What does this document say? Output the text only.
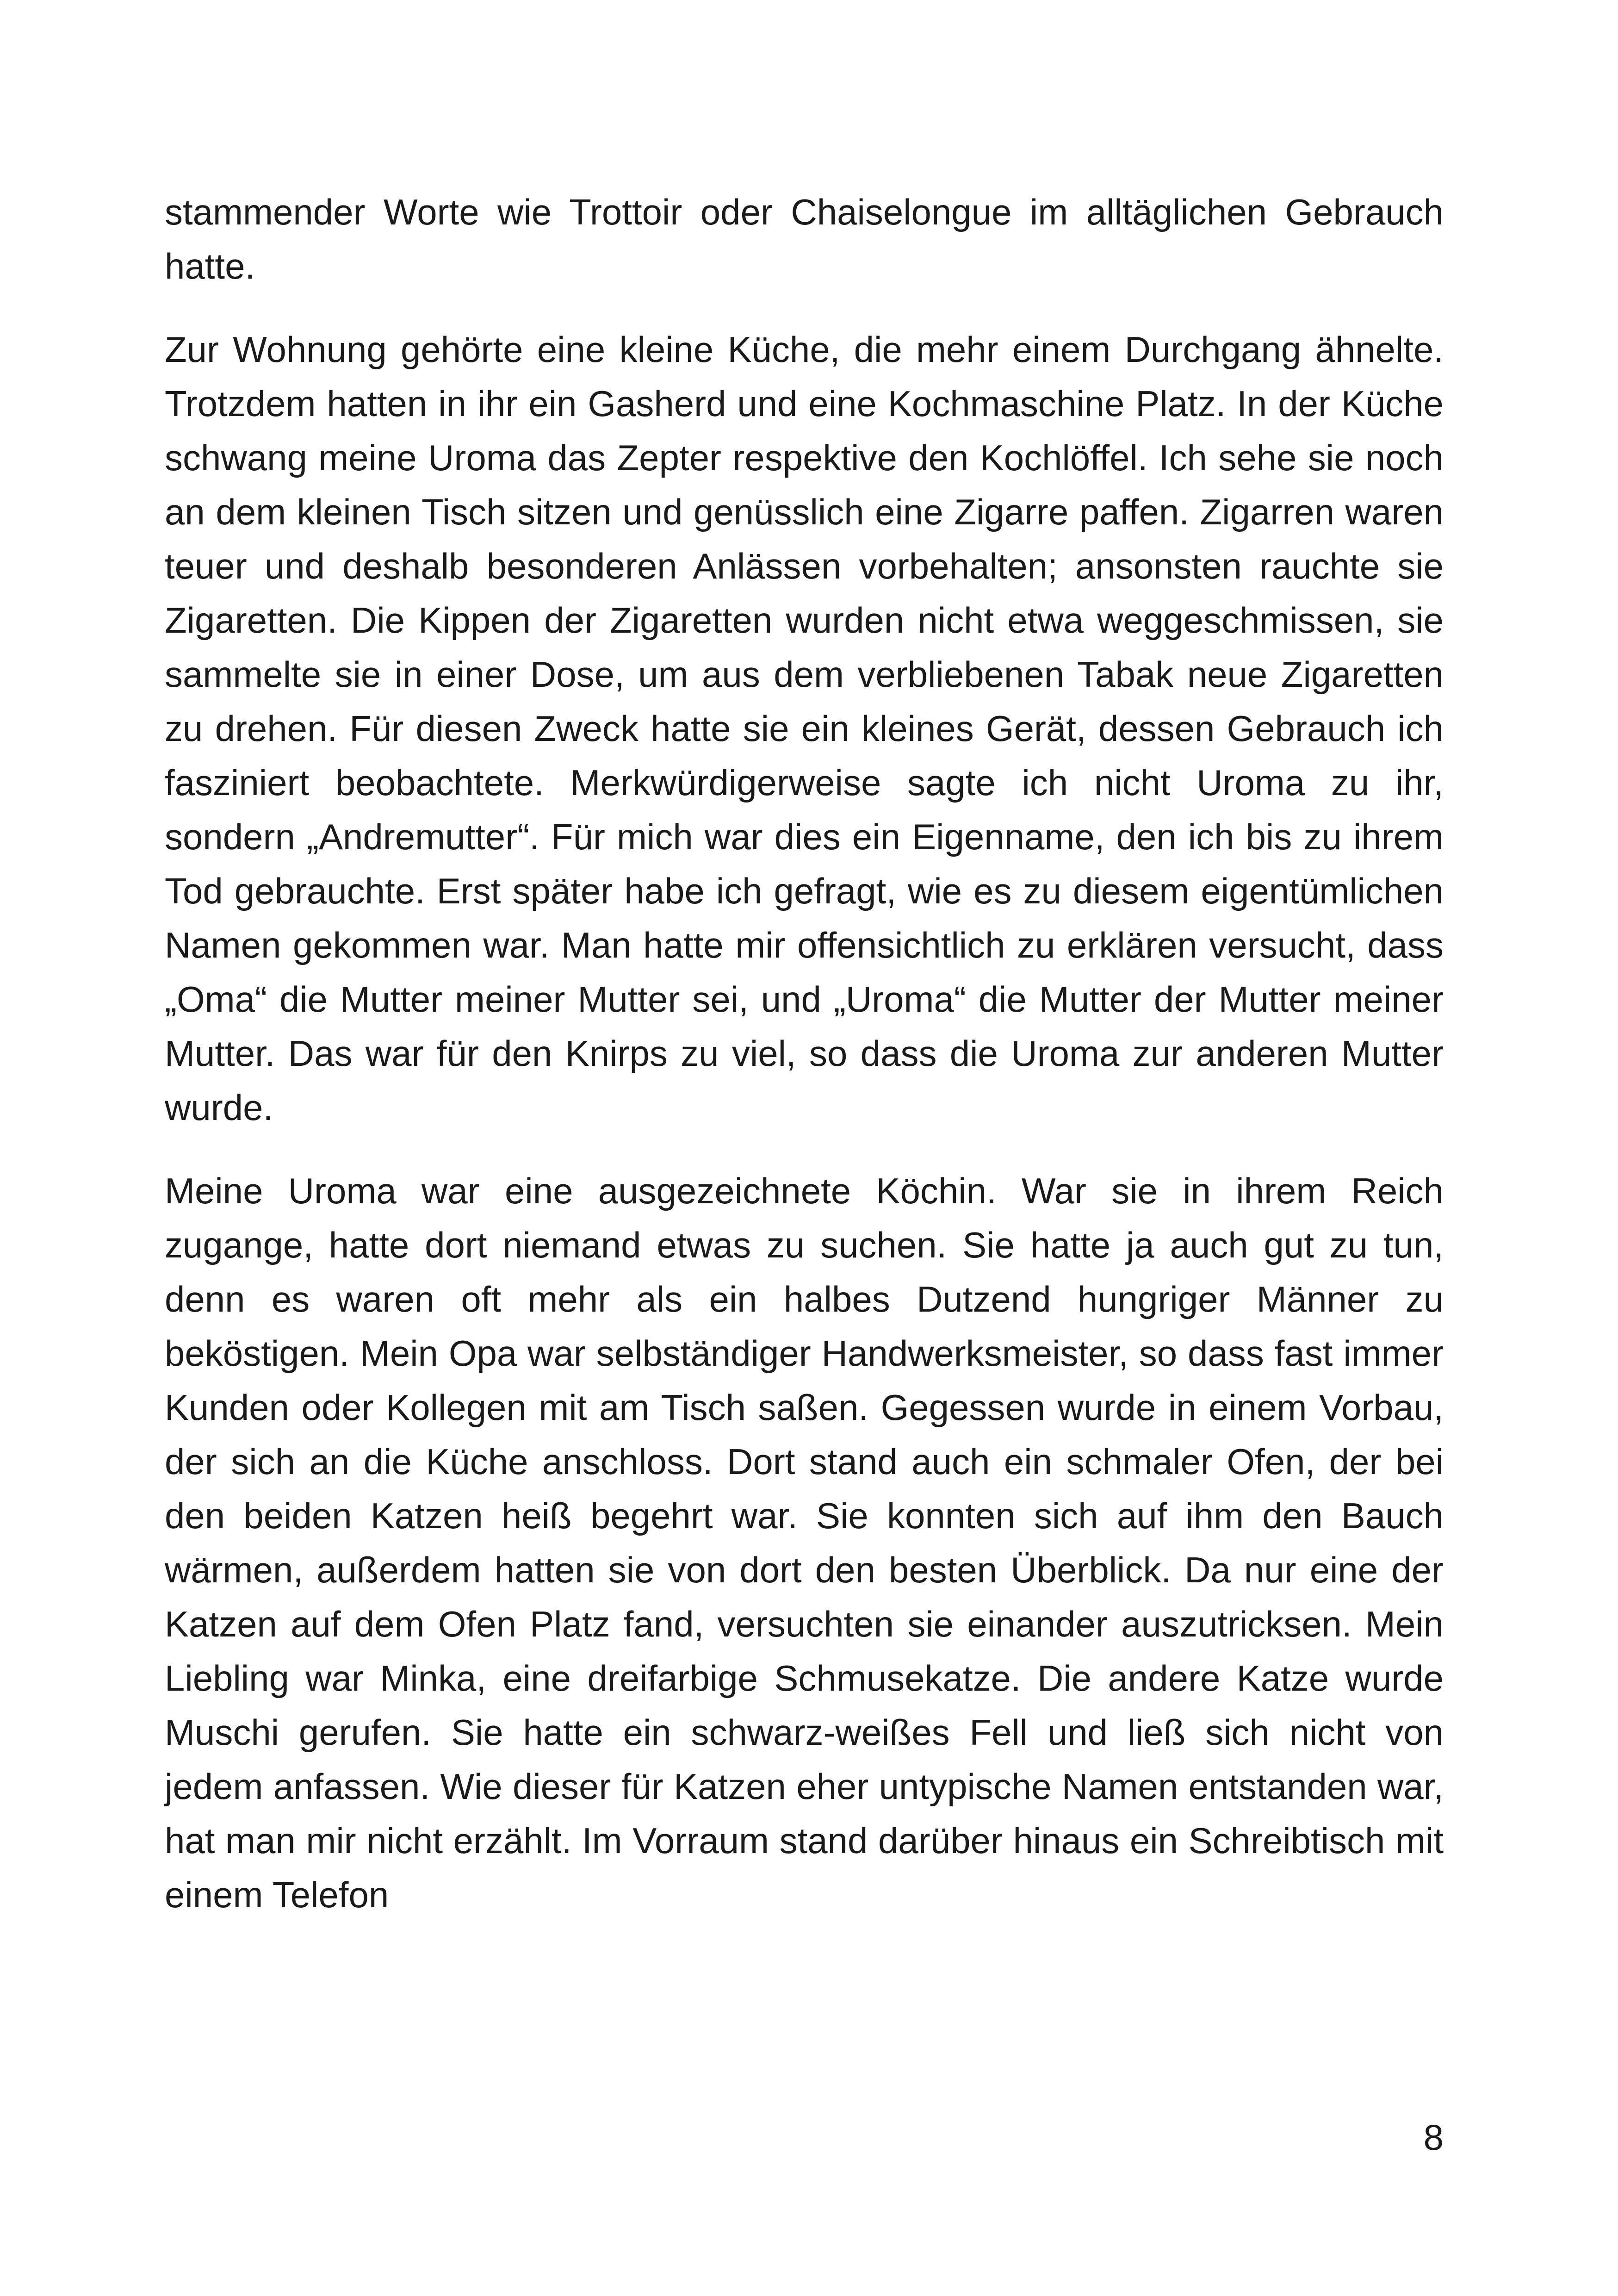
stammender Worte wie Trottoir oder Chaiselongue im alltäglichen Gebrauch hatte.

Zur Wohnung gehörte eine kleine Küche, die mehr einem Durchgang ähnelte. Trotzdem hatten in ihr ein Gasherd und eine Kochmaschine Platz. In der Küche schwang meine Uroma das Zepter respektive den Kochlöffel. Ich sehe sie noch an dem kleinen Tisch sitzen und genüsslich eine Zigarre paffen. Zigarren waren teuer und deshalb besonderen Anlässen vorbehalten; ansonsten rauchte sie Zigaretten. Die Kippen der Zigaretten wurden nicht etwa weggeschmissen, sie sammelte sie in einer Dose, um aus dem verbliebenen Tabak neue Zigaretten zu drehen. Für diesen Zweck hatte sie ein kleines Gerät, dessen Gebrauch ich fasziniert beobachtete. Merkwürdigerweise sagte ich nicht Uroma zu ihr, sondern „Andremutter“. Für mich war dies ein Eigenname, den ich bis zu ihrem Tod gebrauchte. Erst später habe ich gefragt, wie es zu diesem eigentümlichen Namen gekommen war. Man hatte mir offensichtlich zu erklären versucht, dass „Oma“ die Mutter meiner Mutter sei, und „Uroma“ die Mutter der Mutter meiner Mutter. Das war für den Knirps zu viel, so dass die Uroma zur anderen Mutter wurde.

Meine Uroma war eine ausgezeichnete Köchin. War sie in ihrem Reich zugange, hatte dort niemand etwas zu suchen. Sie hatte ja auch gut zu tun, denn es waren oft mehr als ein halbes Dutzend hungriger Männer zu beköstigen. Mein Opa war selbständiger Handwerksmeister, so dass fast immer Kunden oder Kollegen mit am Tisch saßen. Gegessen wurde in einem Vorbau, der sich an die Küche anschloss. Dort stand auch ein schmaler Ofen, der bei den beiden Katzen heiß begehrt war. Sie konnten sich auf ihm den Bauch wärmen, außerdem hatten sie von dort den besten Überblick. Da nur eine der Katzen auf dem Ofen Platz fand, versuchten sie einander auszutricksen. Mein Liebling war Minka, eine dreifarbige Schmusekatze. Die andere Katze wurde Muschi gerufen. Sie hatte ein schwarz-weißes Fell und ließ sich nicht von jedem anfassen. Wie dieser für Katzen eher untypische Namen entstanden war, hat man mir nicht erzählt. Im Vorraum stand darüber hinaus ein Schreibtisch mit einem Telefon

8
